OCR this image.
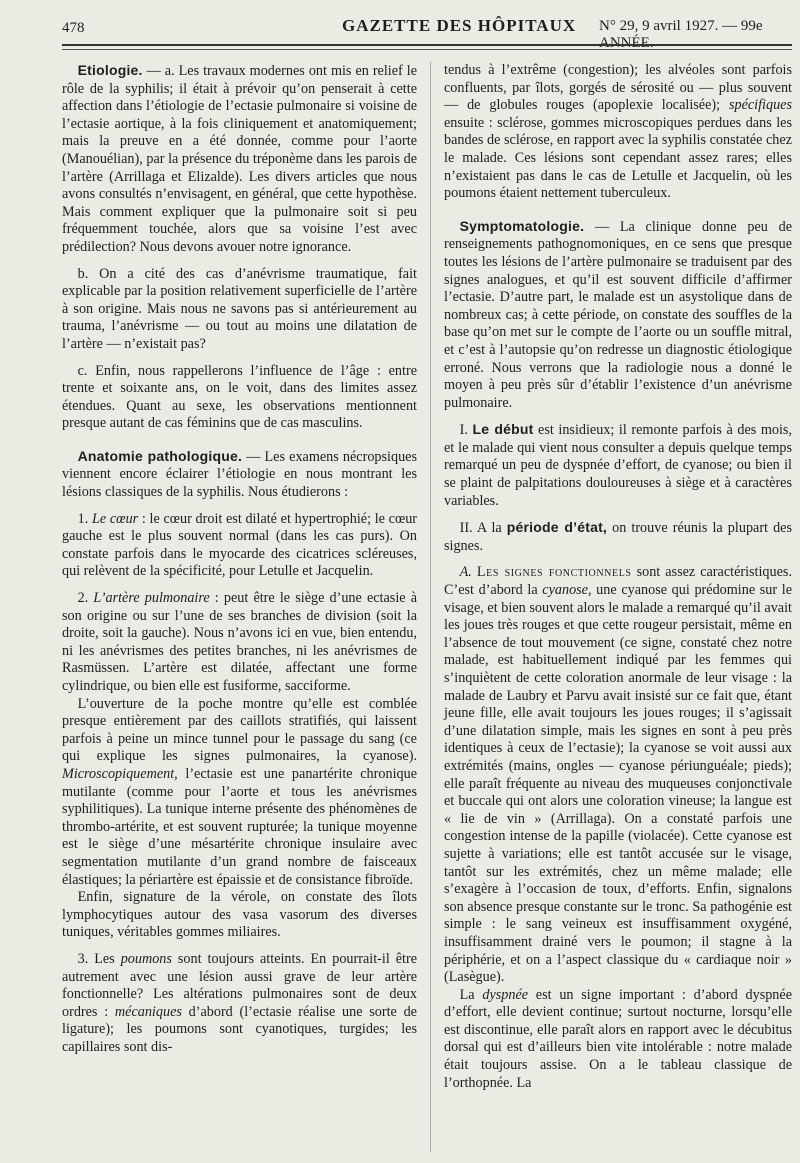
478	GAZETTE DES HÔPITAUX N° 29, 9 avril 1927. — 99e ANNÉE.

Etiologie. — a. Les travaux modernes ont mis en relief le rôle de la syphilis; il était à prévoir qu’on penserait à cette affection dans l’étiologie de l’ectasie pulmonaire si voisine de l’ectasie aortique, à la fois cliniquement et anatomiquement; mais la preuve en a été donnée, comme pour l’aorte (Manouélian), par la présence du tréponème dans les parois de l’artère (Arrillaga et Elizalde). Les divers articles que nous avons consultés n’envisagent, en général, que cette hypothèse. Mais comment expliquer que la pulmonaire soit si peu fréquemment touchée, alors que sa voisine l’est avec prédilection? Nous devons avouer notre ignorance.

b. On a cité des cas d’anévrisme traumatique, fait explicable par la position relativement superficielle de l’artère à son origine. Mais nous ne savons pas si antérieurement au trauma, l’anévrisme — ou tout au moins une dilatation de l’artère — n’existait pas?

c. Enfin, nous rappellerons l’influence de l’âge : entre trente et soixante ans, on le voit, dans des limites assez étendues. Quant au sexe, les observations mentionnent presque autant de cas féminins que de cas masculins.

Anatomie pathologique. — Les examens nécropsiques viennent encore éclairer l’étiologie en nous montrant les lésions classiques de la syphilis. Nous étudierons :

1. Le cœur : le cœur droit est dilaté et hypertrophié; le cœur gauche est le plus souvent normal (dans les cas purs). On constate parfois dans le myocarde des cicatrices scléreuses, qui relèvent de la spécificité, pour Letulle et Jacquelin.

2. L’artère pulmonaire : peut être le siège d’une ectasie à son origine ou sur l’une de ses branches de division (soit la droite, soit la gauche). Nous n’avons ici en vue, bien entendu, ni les anévrismes des petites branches, ni les anévrismes de Rasmüssen. L’artère est dilatée, affectant une forme cylindrique, ou bien elle est fusiforme, sacciforme.

L’ouverture de la poche montre qu’elle est comblée presque entièrement par des caillots stratifiés, qui laissent parfois à peine un mince tunnel pour le passage du sang (ce qui explique les signes pulmonaires, la cyanose). Microscopiquement, l’ectasie est une panartérite chronique mutilante (comme pour l’aorte et tous les anévrismes syphilitiques). La tunique interne présente des phénomènes de thrombo-artérite, et est souvent rupturée; la tunique moyenne est le siège d’une mésartérite chronique insulaire avec segmentation mutilante d’un grand nombre de faisceaux élastiques; la périartère est épaissie et de consistance fibroïde.

Enfin, signature de la vérole, on constate des îlots lymphocytiques autour des vasa vasorum des diverses tuniques, véritables gommes miliaires.

3. Les poumons sont toujours atteints. En pourrait-il être autrement avec une lésion aussi grave de leur artère fonctionnelle? Les altérations pulmonaires sont de deux ordres : mécaniques d’abord (l’ectasie réalise une sorte de ligature); les poumons sont cyanotiques, turgides; les capillaires sont dis-

tendus à l’extrême (congestion); les alvéoles sont parfois confluents, par îlots, gorgés de sérosité ou — plus souvent — de globules rouges (apoplexie localisée); spécifiques ensuite : sclérose, gommes microscopiques perdues dans les bandes de sclérose, en rapport avec la syphilis constatée chez le malade. Ces lésions sont cependant assez rares; elles n’existaient pas dans le cas de Letulle et Jacquelin, où les poumons étaient nettement tuberculeux.

Symptomatologie. — La clinique donne peu de renseignements pathognomoniques, en ce sens que presque toutes les lésions de l’artère pulmonaire se traduisent par des signes analogues, et qu’il est souvent difficile d’affirmer l’ectasie. D’autre part, le malade est un asystolique dans de nombreux cas; à cette période, on constate des souffles de la base qu’on met sur le compte de l’aorte ou un souffle mitral, et c’est à l’autopsie qu’on redresse un diagnostic étiologique erroné. Nous verrons que la radiologie nous a donné le moyen à peu près sûr d’établir l’existence d’un anévrisme pulmonaire.

I. Le début est insidieux; il remonte parfois à des mois, et le malade qui vient nous consulter a depuis quelque temps remarqué un peu de dyspnée d’effort, de cyanose; ou bien il se plaint de palpitations douloureuses à siège et à caractères variables.

II. A la période d’état, on trouve réunis la plupart des signes.

A. Les signes fonctionnels sont assez caractéristiques. C’est d’abord la cyanose, une cyanose qui prédomine sur le visage, et bien souvent alors le malade a remarqué qu’il avait les joues très rouges et que cette rougeur persistait, même en l’absence de tout mouvement (ce signe, constaté chez notre malade, est habituellement indiqué par les femmes qui s’inquiètent de cette coloration anormale de leur visage : la malade de Laubry et Parvu avait insisté sur ce fait que, étant jeune fille, elle avait toujours les joues rouges; il s’agissait d’une dilatation simple, mais les signes en sont à peu près identiques à ceux de l’ectasie); la cyanose se voit aussi aux extrémités (mains, ongles — cyanose périunguéale; pieds); elle paraît fréquente au niveau des muqueuses conjonctivale et buccale qui ont alors une coloration vineuse; la langue est « lie de vin » (Arrillaga). On a constaté parfois une congestion intense de la papille (violacée). Cette cyanose est sujette à variations; elle est tantôt accusée sur le visage, tantôt sur les extrémités, chez un même malade; elle s’exagère à l’occasion de toux, d’efforts. Enfin, signalons son absence presque constante sur le tronc. Sa pathogénie est simple : le sang veineux est insuffisamment oxygéné, insuffisamment drainé vers le poumon; il stagne à la périphérie, et on a l’aspect classique du « cardiaque noir » (Lasègue).

La dyspnée est un signe important : d’abord dyspnée d’effort, elle devient continue; surtout nocturne, lorsqu’elle est discontinue, elle paraît alors en rapport avec le décubitus dorsal qui est d’ailleurs bien vite intolérable : notre malade était toujours assise. On a le tableau classique de l’orthopnée. La
